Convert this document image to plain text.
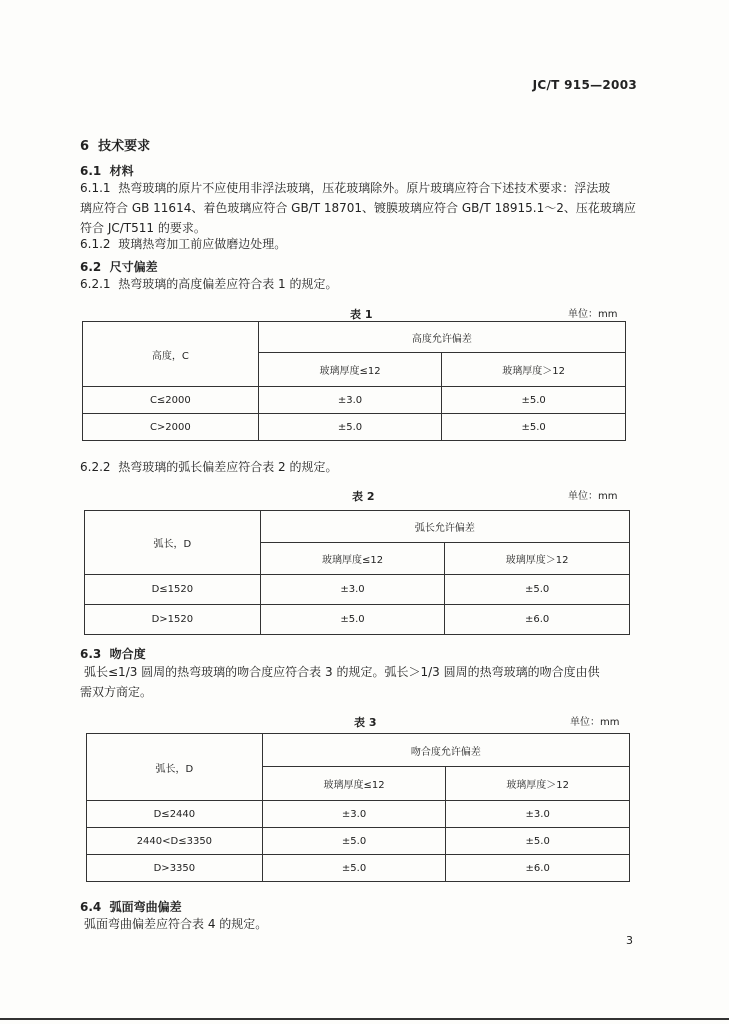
JC/T 915—2003
6 技术要求
6.1 材料
6.1.1 热弯玻璃的原片不应使用非浮法玻璃，压花玻璃除外。原片玻璃应符合下述技术要求：浮法玻
璃应符合 GB 11614、着色玻璃应符合 GB/T 18701、镀膜玻璃应符合 GB/T 18915.1～2、压花玻璃应
符合 JC/T511 的要求。
6.1.2 玻璃热弯加工前应做磨边处理。
6.2 尺寸偏差
6.2.1 热弯玻璃的高度偏差应符合表 1 的规定。
表 1	单位：mm
高度，C	高度允许偏差	
	玻璃厚度≤12	玻璃厚度＞12
C≤2000	±3.0	±5.0
C>2000	±5.0	±5.0
6.2.2 热弯玻璃的弧长偏差应符合表 2 的规定。
表 2	单位：mm
弧长，D	弧长允许偏差	
	玻璃厚度≤12	玻璃厚度＞12
D≤1520	±3.0	±5.0
D>1520	±5.0	±6.0
6.3 吻合度
弧长≤1/3 圆周的热弯玻璃的吻合度应符合表 3 的规定。弧长＞1/3 圆周的热弯玻璃的吻合度由供
需双方商定。
表 3	单位：mm
弧长，D	吻合度允许偏差	
	玻璃厚度≤12	玻璃厚度＞12
D≤2440	±3.0	±3.0
2440<D≤3350	±5.0	±5.0
D>3350	±5.0	±6.0
6.4 弧面弯曲偏差
弧面弯曲偏差应符合表 4 的规定。
3
